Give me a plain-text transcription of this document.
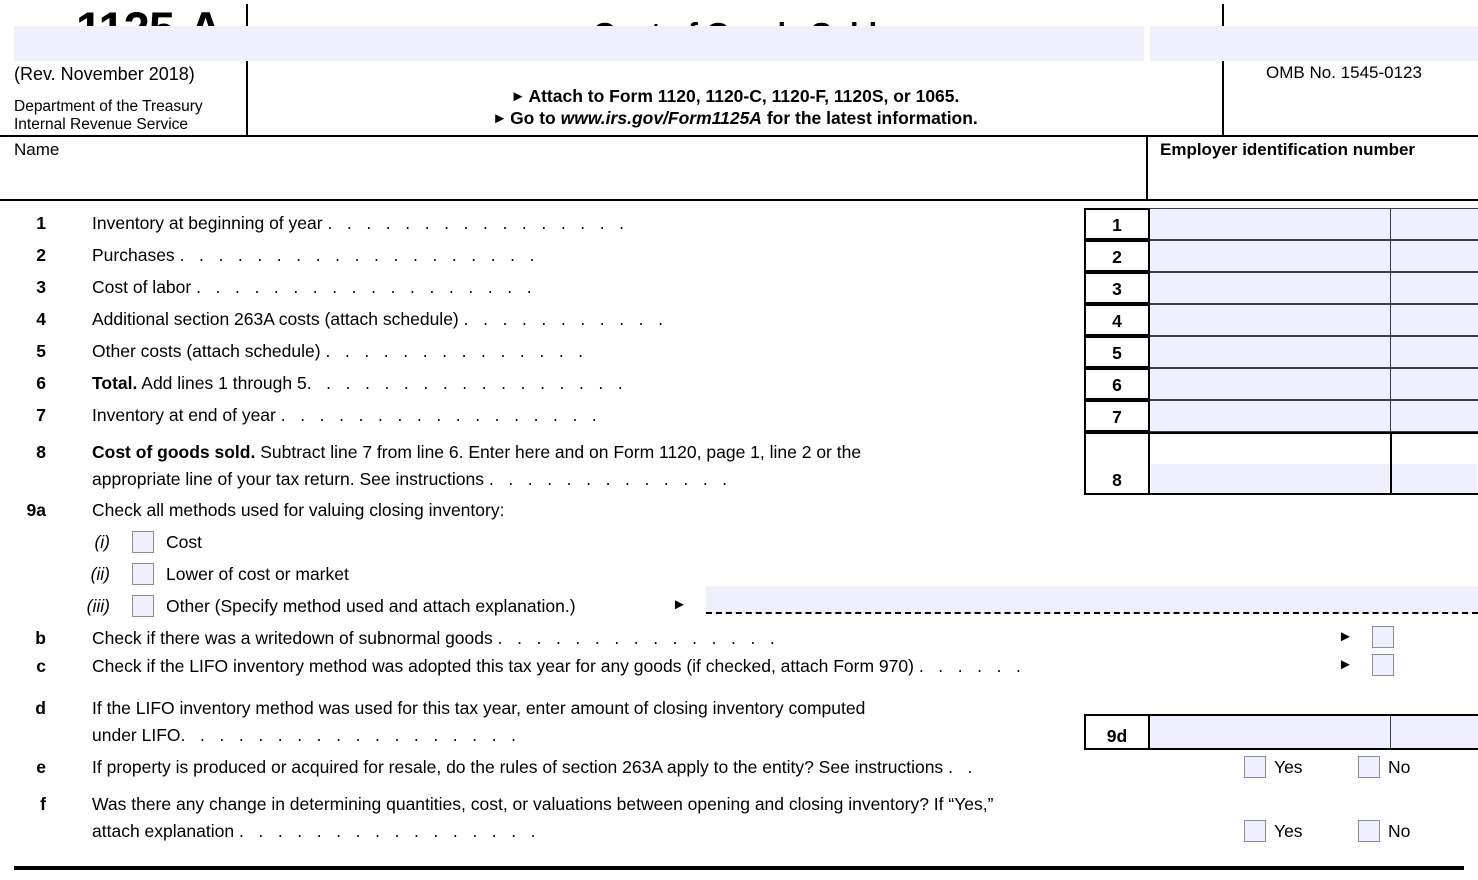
(Rev. November 2018)
Department of the Treasury
Internal Revenue Service
► Attach to Form 1120, 1120-C, 1120-F, 1120S, or 1065.
► Go to www.irs.gov/Form1125A for the latest information.
OMB No. 1545-0123
Name	Employer identification number
1	Inventory at beginning of year .   .   .   .   .   .   .   .   .   .   .   .   .   .   .   .
2	Purchases .   .   .   .   .   .   .   .   .   .   .   .   .   .   .   .   .   .   .
3	Cost of labor .   .   .   .   .   .   .   .   .   .   .   .   .   .   .   .   .   .
4	Additional section 263A costs (attach schedule) .   .   .   .   .   .   .   .   .   .   .
5	Other costs (attach schedule) .   .   .   .   .   .   .   .   .   .   .   .   .   .
6	Total. Add lines 1 through 5.   .   .   .   .   .   .   .   .   .   .   .   .   .   .   .   .
7	Inventory at end of year .   .   .   .   .   .   .   .   .   .   .   .   .   .   .   .   .
8	Cost of goods sold. Subtract line 7 from line 6. Enter here and on Form 1120, page 1, line 2 or the
appropriate line of your tax return. See instructions .   .   .   .   .   .   .   .   .   .   .   .   .
1
2
3
4
5
6
7
8
9a	Check all methods used for valuing closing inventory:
(i)	Cost
(ii)	Lower of cost or market
(iii)	Other (Specify method used and attach explanation.)	►
b	Check if there was a writedown of subnormal goods .   .   .   .   .   .   .   .   .   .   .   .   .   .   .	►
c	Check if the LIFO inventory method was adopted this tax year for any goods (if checked, attach Form 970) .   .   .   .   .   .	►
d	If the LIFO inventory method was used for this tax year, enter amount of closing inventory computed
under LIFO.   .   .   .   .   .   .   .   .   .   .   .   .   .   .   .   .   .	9d
e	If property is produced or acquired for resale, do the rules of section 263A apply to the entity? See instructions .   .	Yes	No
f	Was there any change in determining quantities, cost, or valuations between opening and closing inventory? If “Yes,”
attach explanation .   .   .   .   .   .   .   .   .   .   .   .   .   .   .   .	Yes	No
